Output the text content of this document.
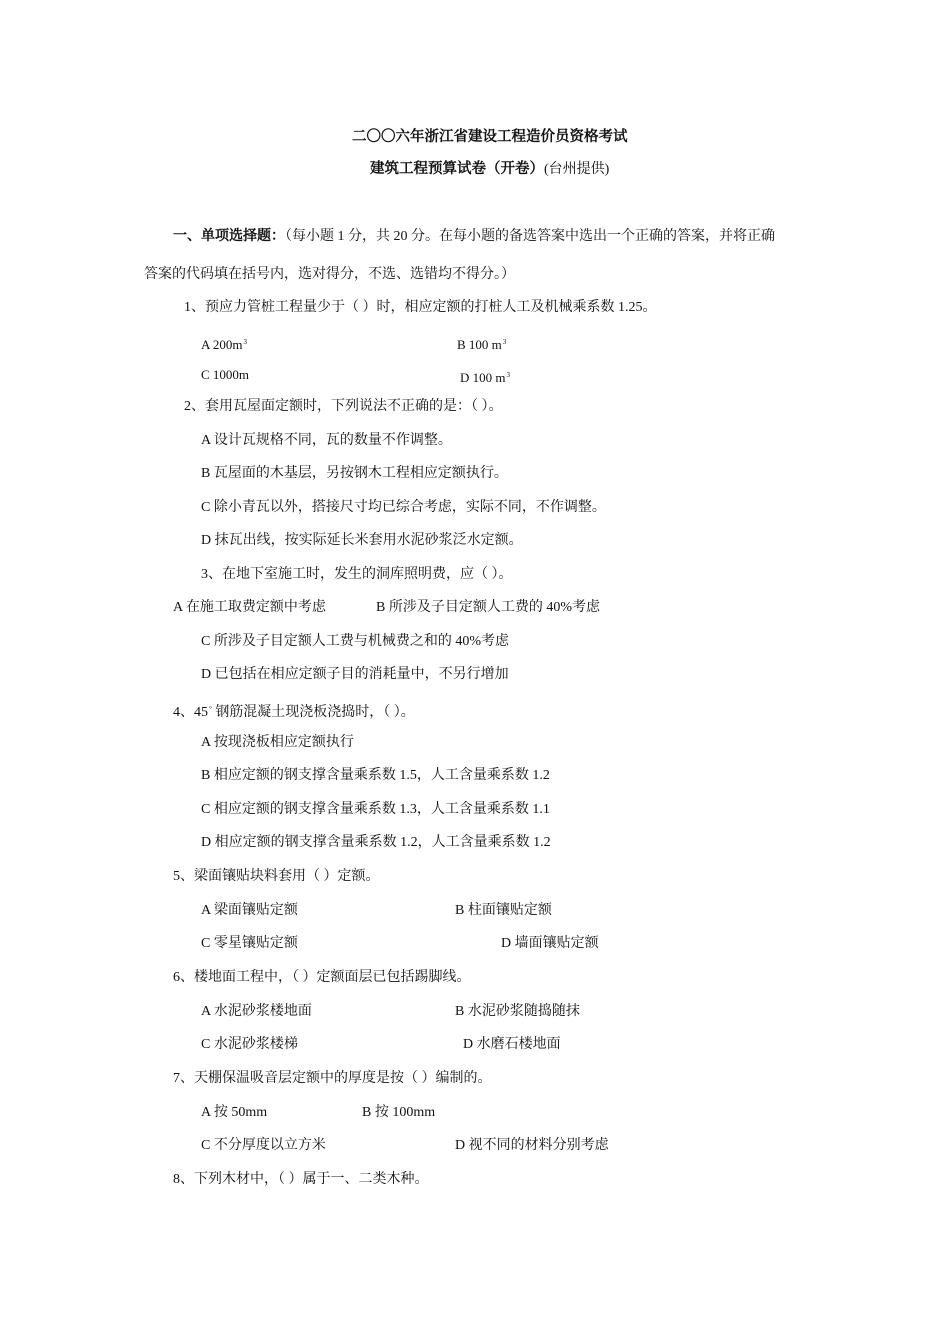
二〇〇六年浙江省建设工程造价员资格考试
建筑工程预算试卷（开卷）(台州提供)
一、单项选择题：（每小题 1 分，共 20 分。在每小题的备选答案中选出一个正确的答案，并将正确
答案的代码填在括号内，选对得分，不选、选错均不得分。）
1、预应力管桩工程量少于（ ）时，相应定额的打桩人工及机械乘系数 1.25。
A $200m^3$	B 100 $m^3$
C 1000m	D 100 $m^3$
2、套用瓦屋面定额时，下列说法不正确的是：（ ）。
A 设计瓦规格不同，瓦的数量不作调整。
B 瓦屋面的木基层，另按钢木工程相应定额执行。
C 除小青瓦以外，搭接尺寸均已综合考虑，实际不同，不作调整。
D 抹瓦出线，按实际延长米套用水泥砂浆泛水定额。
3、在地下室施工时，发生的洞库照明费，应（ ）。
A 在施工取费定额中考虑	B 所涉及子目定额人工费的 40%考虑
C 所涉及子目定额人工费与机械费之和的 40%考虑
D 已包括在相应定额子目的消耗量中，不另行增加
4、45° 钢筋混凝土现浇板浇捣时，（ ）。
A 按现浇板相应定额执行
B 相应定额的钢支撑含量乘系数 1.5，人工含量乘系数 1.2
C 相应定额的钢支撑含量乘系数 1.3，人工含量乘系数 1.1
D 相应定额的钢支撑含量乘系数 1.2，人工含量乘系数 1.2
5、梁面镶贴块料套用（ ）定额。
A 梁面镶贴定额	B 柱面镶贴定额
C 零星镶贴定额	D 墙面镶贴定额
6、楼地面工程中，（ ）定额面层已包括踢脚线。
A 水泥砂浆楼地面	B 水泥砂浆随捣随抹
C 水泥砂浆楼梯	D 水磨石楼地面
7、天棚保温吸音层定额中的厚度是按（ ）编制的。
A 按 50mm	B 按 100mm
C 不分厚度以立方米	D 视不同的材料分别考虑
8、下列木材中，（ ）属于一、二类木种。
